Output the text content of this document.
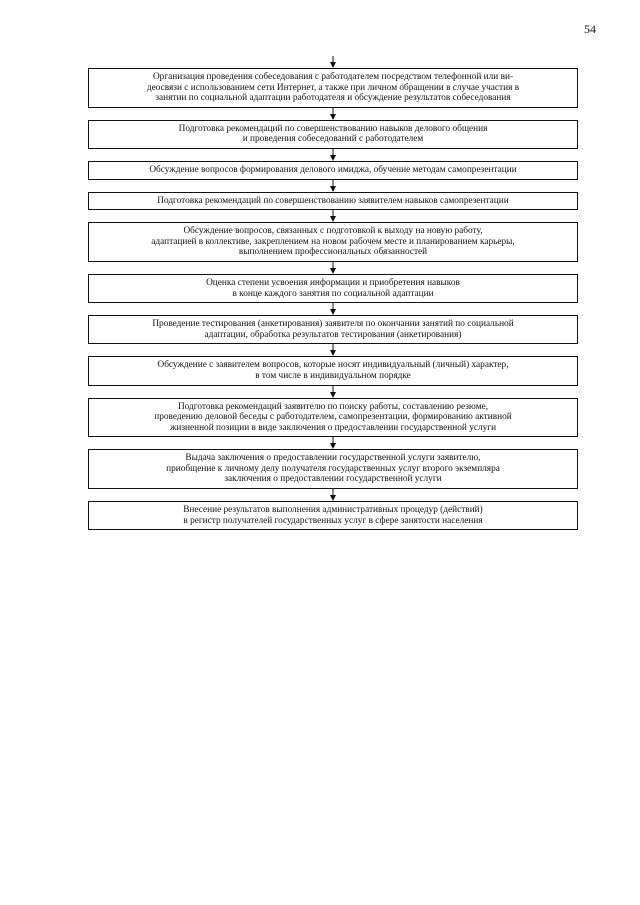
54
Организация проведения собеседования с работодателем посредством телефонной или ви-
деосвязи с использованием сети Интернет, а также при личном обращении в случае участия в
занятии по социальной адаптации работодателя и обсуждение результатов собеседования
Подготовка рекомендаций по совершенствованию навыков делового общения
и проведения собеседований с работодателем
Обсуждение вопросов формирования делового имиджа, обучение методам самопрезентации
Подготовка рекомендаций по совершенствованию заявителем навыков самопрезентации
Обсуждение вопросов, связанных с подготовкой к выходу на новую работу,
адаптацией в коллективе, закреплением на новом рабочем месте и планированием карьеры,
выполнением профессиональных обязанностей
Оценка степени усвоения информации и приобретения навыков
в конце каждого занятия по социальной адаптации
Проведение тестирования (анкетирования) заявителя по окончании занятий по социальной
адаптации, обработка результатов тестирования (анкетирования)
Обсуждение с заявителем вопросов, которые носят индивидуальный (личный) характер,
в том числе в индивидуальном порядке
Подготовка рекомендаций заявителю по поиску работы, составлению резюме,
проведению деловой беседы с работодателем, самопрезентации, формированию активной
жизненной позиции в виде заключения о предоставлении государственной услуги
Выдача заключения о предоставлении государственной услуги заявителю,
приобщение к личному делу получателя государственных услуг второго экземпляра
заключения о предоставлении государственной услуги
Внесение результатов выполнения административных процедур (действий)
в регистр получателей государственных услуг в сфере занятости населения
